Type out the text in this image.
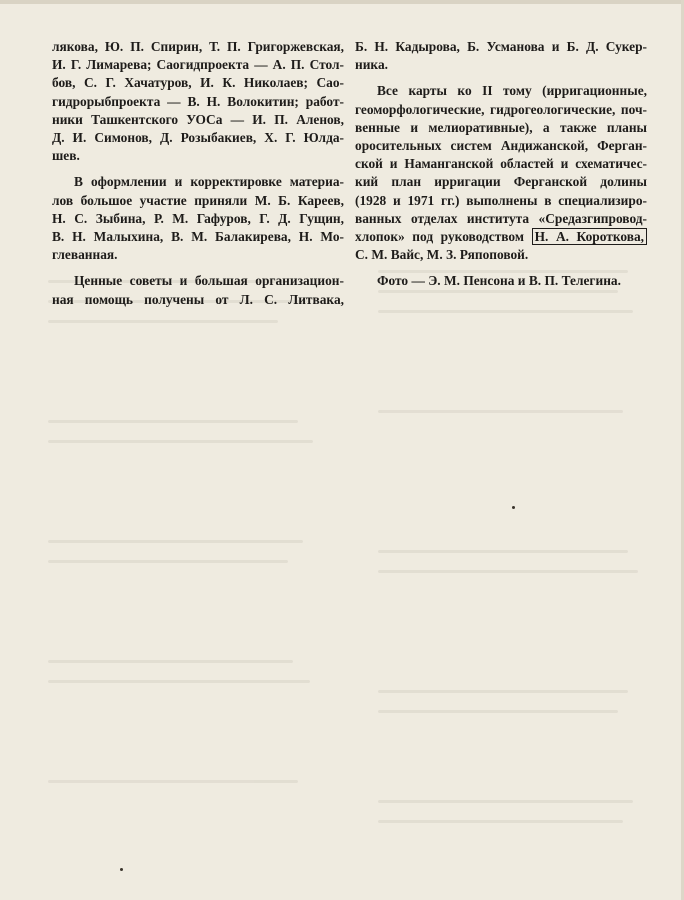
лякова, Ю. П. Спирин, Т. П. Григоржевская,
И. Г. Лимарева; Саогидпроекта — А. П. Стол-
бов, С. Г. Хачатуров, И. К. Николаев; Сао-
гидрорыбпроекта — В. Н. Волокитин; работ-
ники Ташкентского УОСа — И. П. Аленов,
Д. И. Симонов, Д. Розыбакиев, Х. Г. Юлда-
шев.

В оформлении и корректировке материа-
лов большое участие приняли М. Б. Кареев,
Н. С. Зыбина, Р. М. Гафуров, Г. Д. Гущин,
В. Н. Малыхина, В. М. Балакирева, Н. Мо-
глеванная.

Ценные советы и большая организацион-
ная помощь получены от Л. С. Литвака,

Б. Н. Кадырова, Б. Усманова и Б. Д. Сукер-
ника.

Все карты ко II тому (ирригационные,
геоморфологические, гидрогеологические, поч-
венные и мелиоративные), а также планы
оросительных систем Андижанской, Ферган-
ской и Наманганской областей и схематичес-
кий план ирригации Ферганской долины
(1928 и 1971 гг.) выполнены в специализиро-
ванных отделах института «Средазгипровод-
хлопок» под руководством Н. А. Короткова,
С. М. Вайс, М. З. Ряпоповой.

Фото — Э. М. Пенсона и В. П. Телегина.
